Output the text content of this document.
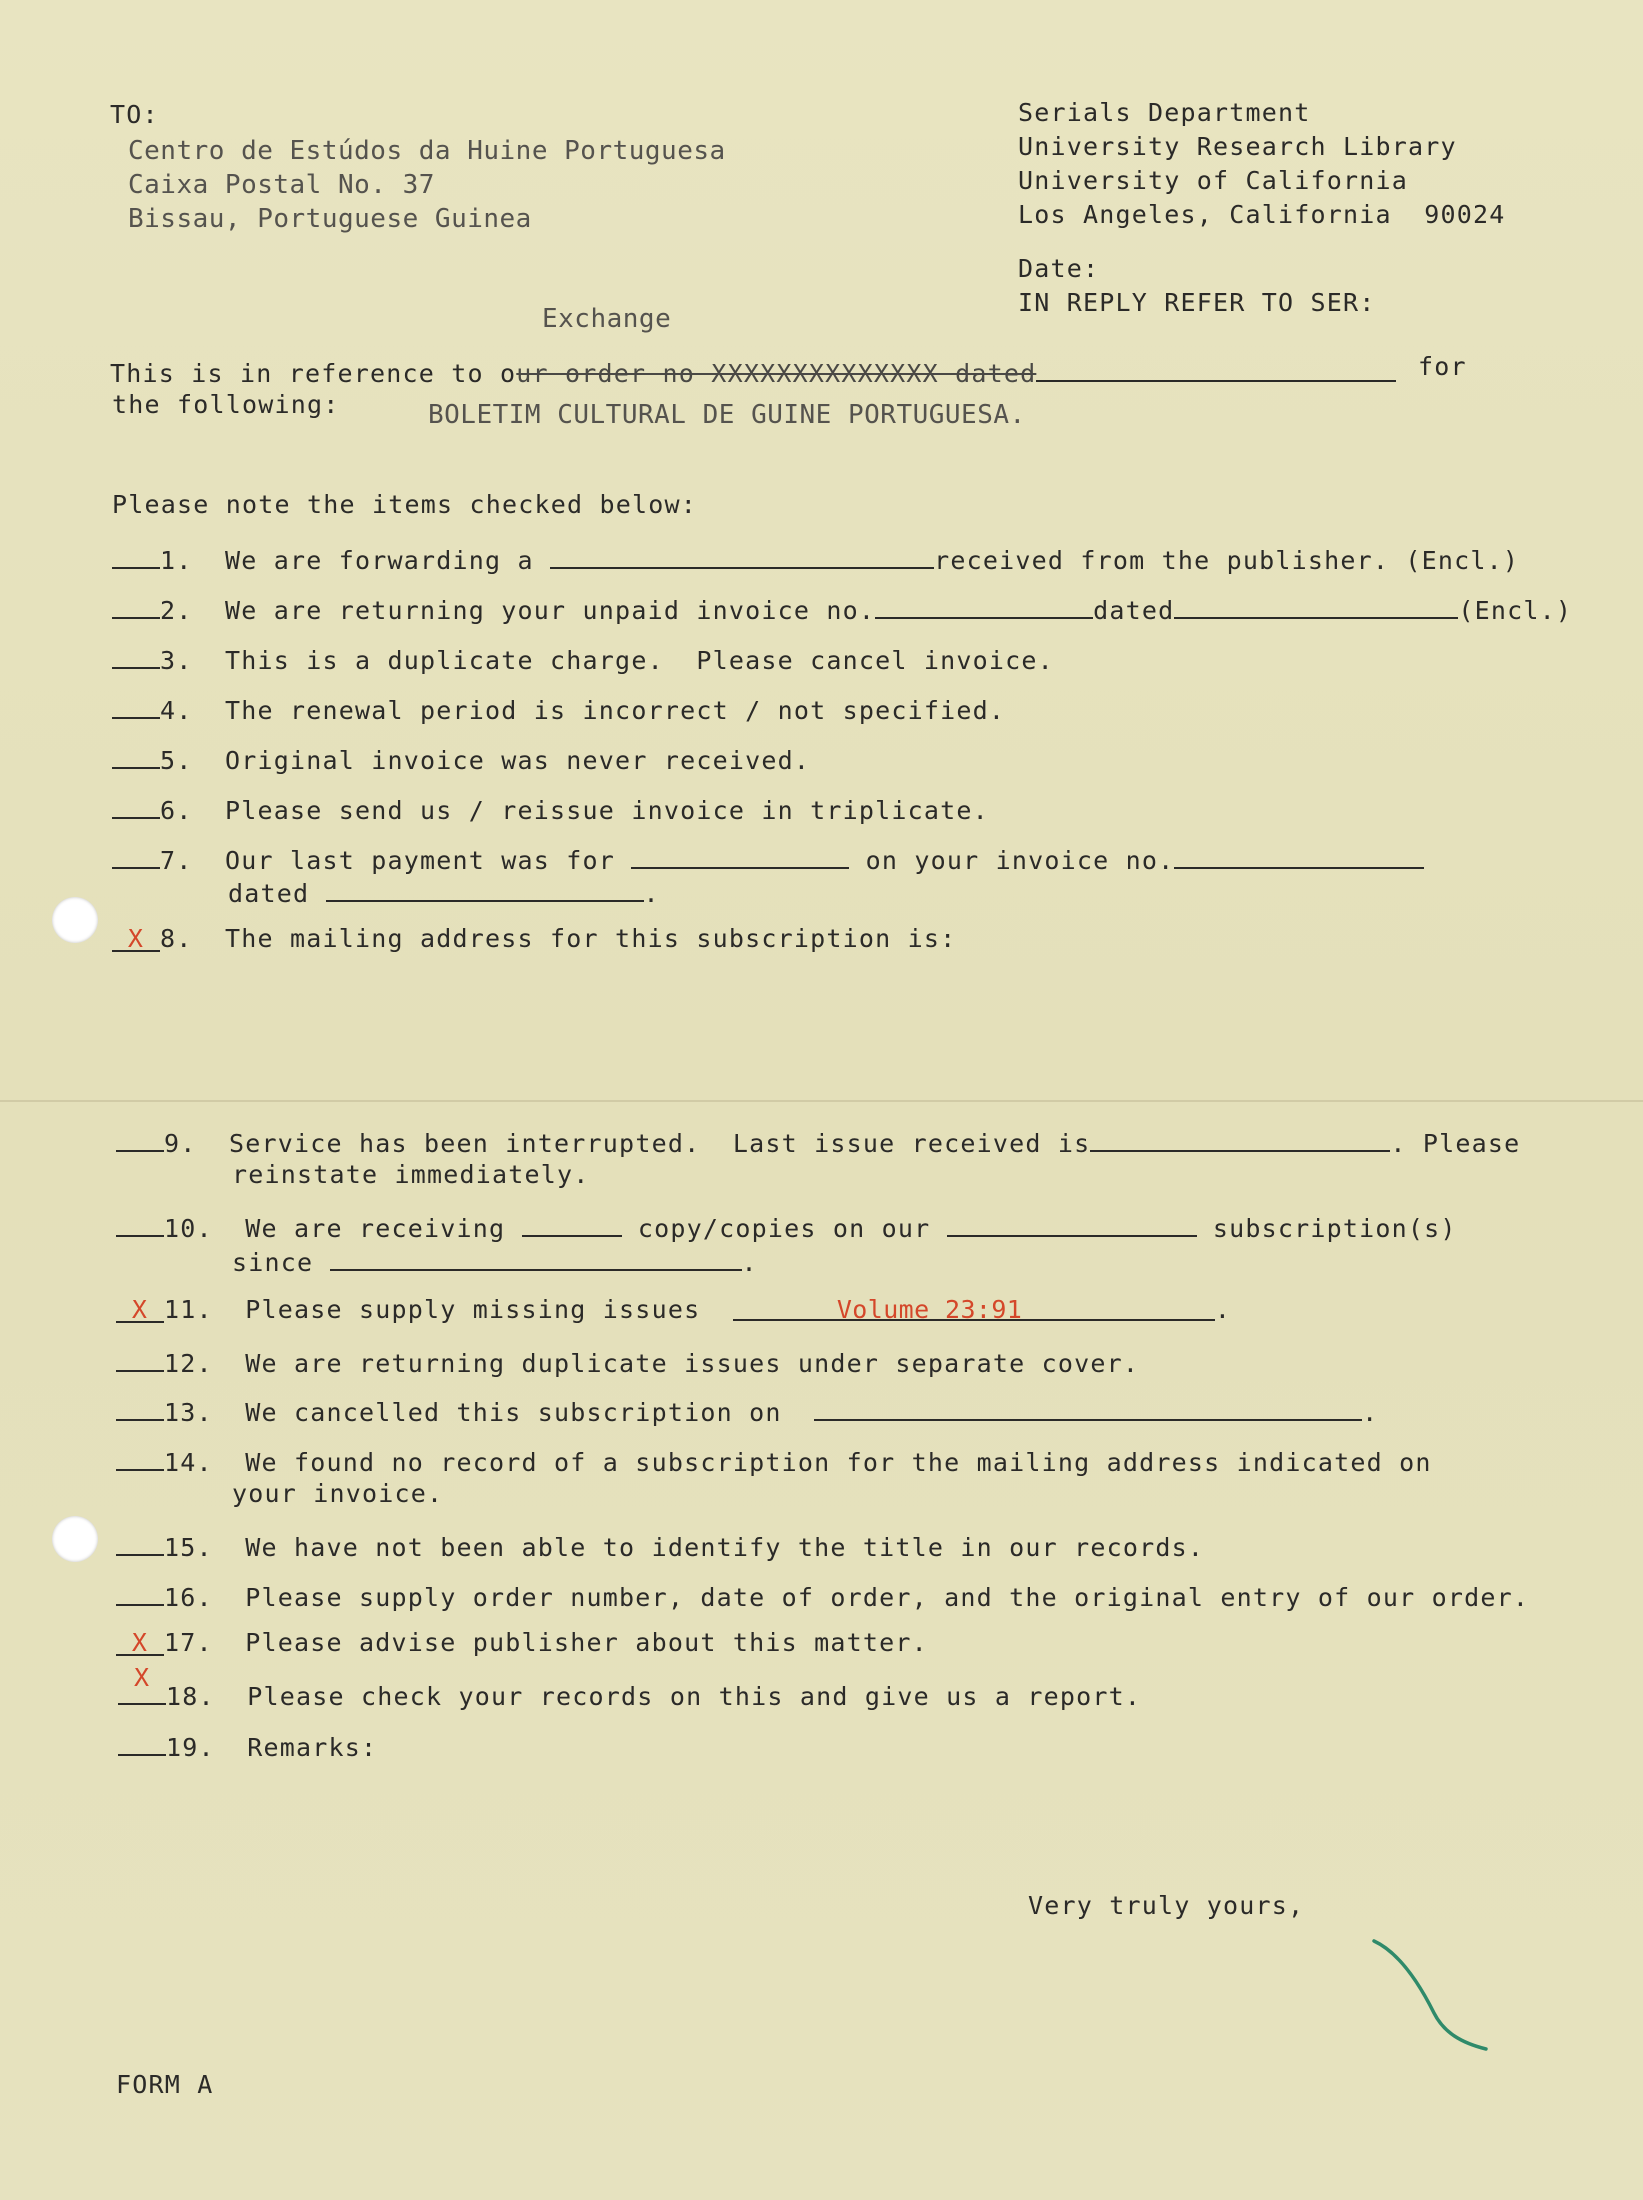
TO:
Centro de Estúdos da Huine Portuguesa
Caixa Postal No. 37
Bissau, Portuguese Guinea
Serials Department
University Research Library
University of California
Los Angeles, California  90024
Date:
IN REPLY REFER TO SER:
Exchange
This is in reference to our order no XXXXXXXXXXXXXX dated	for
the following:	BOLETIM CULTURAL DE GUINE PORTUGUESA.
Please note the items checked below:
1. We are forwarding a	received from the publisher. (Encl.)
2. We are returning your unpaid invoice no.	dated	(Encl.)
3. This is a duplicate charge.  Please cancel invoice.
4. The renewal period is incorrect / not specified.
5. Original invoice was never received.
6. Please send us / reissue invoice in triplicate.
7. Our last payment was for	on your invoice no.
dated	.
X 8. The mailing address for this subscription is:
9. Service has been interrupted.  Last issue received is	. Please
reinstate immediately.
10. We are receiving	copy/copies on our	subscription(s)
since	.
X 11. Please supply missing issues	Volume 23:91	.
12. We are returning duplicate issues under separate cover.
13. We cancelled this subscription on	.
14. We found no record of a subscription for the mailing address indicated on
your invoice.
15. We have not been able to identify the title in our records.
16. Please supply order number, date of order, and the original entry of our order.
X 17. Please advise publisher about this matter.
X
18. Please check your records on this and give us a report.
19. Remarks:
Very truly yours,
FORM A
